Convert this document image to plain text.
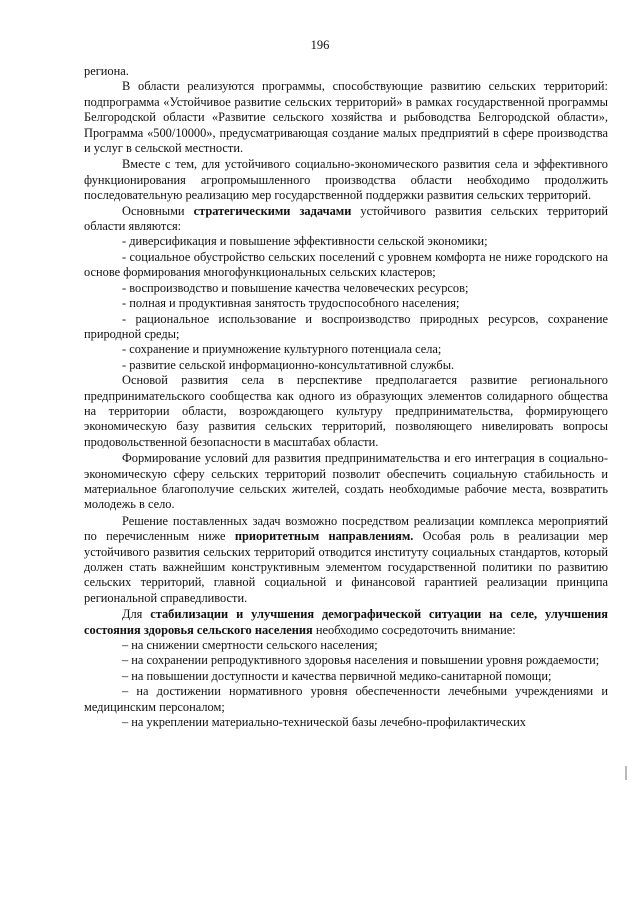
196

региона.

В области реализуются программы, способствующие развитию сельских территорий: подпрограмма «Устойчивое развитие сельских территорий» в рамках государственной программы Белгородской области «Развитие сельского хозяйства и рыбоводства Белгородской области», Программа «500/10000», предусматривающая создание малых предприятий в сфере производства и услуг в сельской местности.

Вместе с тем, для устойчивого социально-экономического развития села и эффективного функционирования агропромышленного производства области необходимо продолжить последовательную реализацию мер государственной поддержки развития сельских территорий.

Основными стратегическими задачами устойчивого развития сельских территорий области являются:

- диверсификация и повышение эффективности сельской экономики;

- социальное обустройство сельских поселений с уровнем комфорта не ниже городского на основе формирования многофункциональных сельских кластеров;

- воспроизводство и повышение качества человеческих ресурсов;

- полная и продуктивная занятость трудоспособного населения;

- рациональное использование и воспроизводство природных ресурсов, сохранение природной среды;

- сохранение и приумножение культурного потенциала села;

- развитие сельской информационно-консультативной службы.

Основой развития села в перспективе предполагается развитие регионального предпринимательского сообщества как одного из образующих элементов солидарного общества на территории области, возрождающего культуру предпринимательства, формирующего экономическую базу развития сельских территорий, позволяющего нивелировать вопросы продовольственной безопасности в масштабах области.

Формирование условий для развития предпринимательства и его интеграция в социально-экономическую сферу сельских территорий позволит обеспечить социальную стабильность и материальное благополучие сельских жителей, создать необходимые рабочие места, возвратить молодежь в село.

Решение поставленных задач возможно посредством реализации комплекса мероприятий по перечисленным ниже приоритетным направлениям. Особая роль в реализации мер устойчивого развития сельских территорий отводится институту социальных стандартов, который должен стать важнейшим конструктивным элементом государственной политики по развитию сельских территорий, главной социальной и финансовой гарантией реализации принципа региональной справедливости.

Для стабилизации и улучшения демографической ситуации на селе, улучшения состояния здоровья сельского населения необходимо сосредоточить внимание:

– на снижении смертности сельского населения;

– на сохранении репродуктивного здоровья населения и повышении уровня рождаемости;

– на повышении доступности и качества первичной медико-санитарной помощи;

– на достижении нормативного уровня обеспеченности лечебными учреждениями и медицинским персоналом;

– на укреплении материально-технической базы лечебно-профилактических
